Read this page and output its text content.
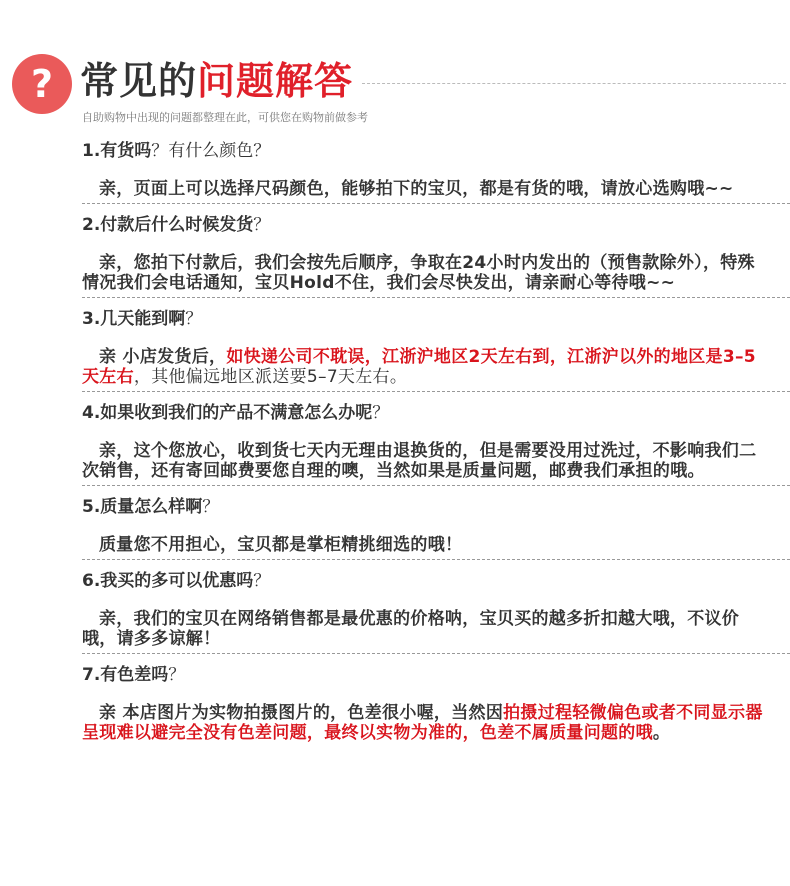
? 常见的问题解答
自助购物中出现的问题都整理在此，可供您在购物前做参考

1.有货吗？有什么颜色？

亲，页面上可以选择尺码颜色，能够拍下的宝贝，都是有货的哦，请放心选购哦~~

2.付款后什么时候发货？

亲，您拍下付款后，我们会按先后顺序，争取在24小时内发出的（预售款除外），特殊情况我们会电话通知，宝贝Hold不住，我们会尽快发出，请亲耐心等待哦~~

3.几天能到啊？

亲 小店发货后，如快递公司不耽误，江浙沪地区2天左右到，江浙沪以外的地区是3–5天左右，其他偏远地区派送要5–7天左右。

4.如果收到我们的产品不满意怎么办呢？

亲，这个您放心，收到货七天内无理由退换货的，但是需要没用过洗过，不影响我们二次销售，还有寄回邮费要您自理的噢，当然如果是质量问题，邮费我们承担的哦。

5.质量怎么样啊？

质量您不用担心，宝贝都是掌柜精挑细选的哦！

6.我买的多可以优惠吗？

亲，我们的宝贝在网络销售都是最优惠的价格呐，宝贝买的越多折扣越大哦，不议价哦，请多多谅解！

7.有色差吗？

亲 本店图片为实物拍摄图片的，色差很小喔，当然因拍摄过程轻微偏色或者不同显示器呈现难以避完全没有色差问题，最终以实物为准的，色差不属质量问题的哦。
